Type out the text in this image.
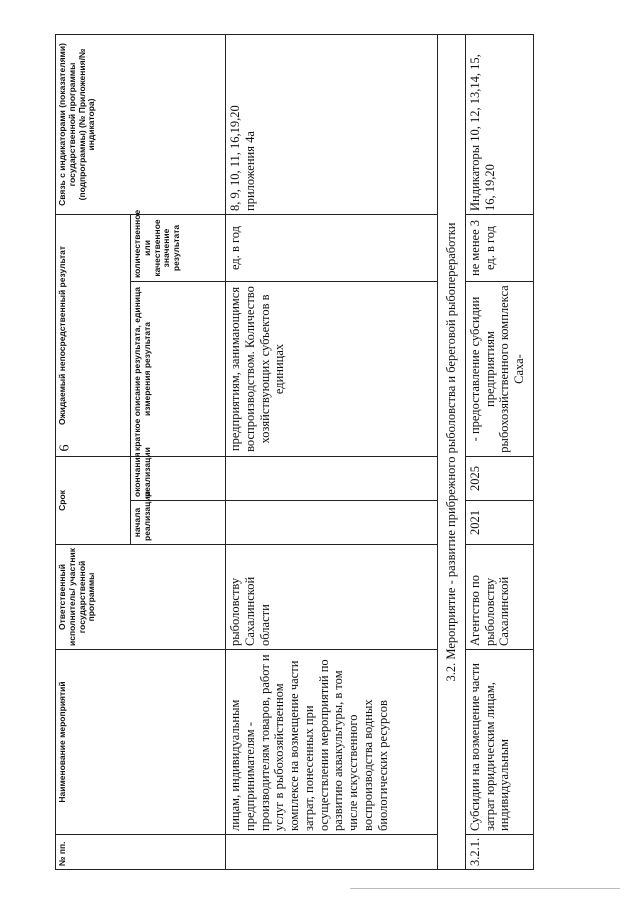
6
№ пп.	Наименование мероприятий	Ответственный исполнитель/ участник государственной программы	Срок		Ожидаемый непосредственный результат		Связь с индикаторами (показателями) государственной программы (подпрограммы) (№ Приложения/№ индикатора)
			начала реализации	окончания реализации	краткое описание результата, единица измерения результата	количественное или качественное значение результата	
	лицам, индивидуальным предпринимателям - производителям товаров, работ и услуг в рыбохозяйственном комплексе на возмещение части затрат, понесенных при осуществлении мероприятий по развитию аквакультуры, в том числе искусственного воспроизводства водных биологических ресурсов	рыболовству Сахалинской области			предприятиям, занимающимся воспроизводством. Количество хозяйствующих субъектов в единицах	ед. в год	8, 9, 10, 11, 16,19,20 приложения 4а
3.2. Мероприятие - развитие прибрежного рыболовства и береговой рыбопереработки							
3.2.1.	Субсидии на возмещение части затрат юридическим лицам, индивидуальным	Агентство по рыболовству Сахалинской	2021	2025	- предоставление субсидии предприятиям рыбохозяйственного комплекса Саха-	не менее 3 ед. в год	Индикаторы 10, 12, 13,14, 15, 16, 19,20
